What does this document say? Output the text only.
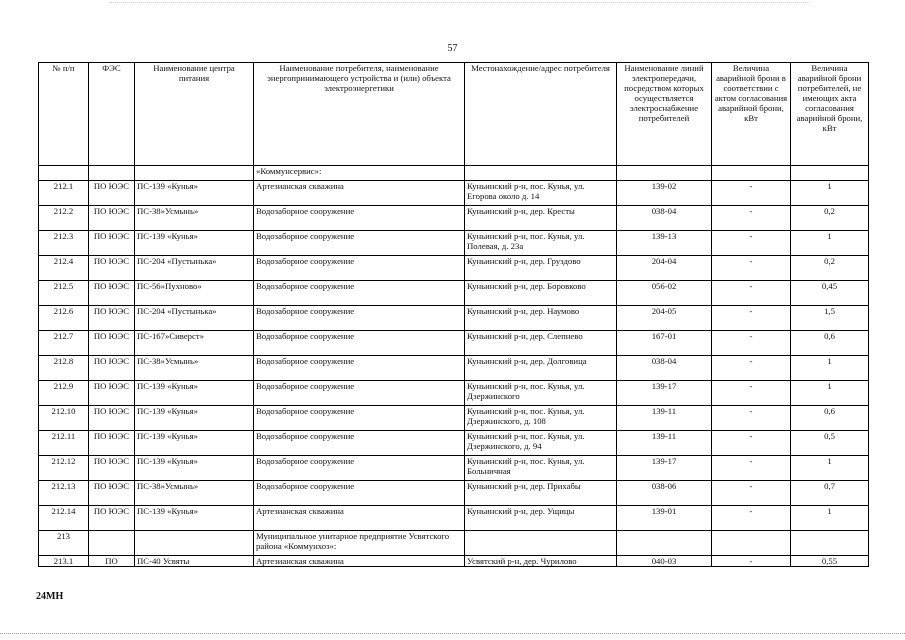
57
№ п/п	ФЭС	Наименование центра питания	Наименование потребителя, наименование энергопринимающего устройства и (или) объекта электроэнергетики	Местонахождение/адрес потребителя	Наименование линий электропередачи, посредством которых осуществляется электроснабжение потребителей	Величина аварийной брони в соответствии с актом согласования аварийной брони, кВт	Величина аварийной брони потребителей, не имеющих акта согласования аварийной брони, кВт
			«Коммунсервис»:				
212.1	ПО ЮЭС	ПС-139 «Кунья»	Артезианская скважина	Куньинский р-н, пос. Кунья, ул. Егорова около д. 14	139-02	-	1
212.2	ПО ЮЭС	ПС-38»Усмынь»	Водозаборное сооружение	Куньинский р-н, дер. Кресты	038-04	-	0,2
212.3	ПО ЮЭС	ПС-139 «Кунья»	Водозаборное сооружение	Куньинский р-н, пос. Кунья, ул. Полевая, д. 23а	139-13	-	1
212.4	ПО ЮЭС	ПС-204 «Пустынька»	Водозаборное сооружение	Куньинский р-н, дер. Груздово	204-04	-	0,2
212.5	ПО ЮЭС	ПС-56»Пухново»	Водозаборное сооружение	Куньинский р-н, дер. Боровково	056-02	-	0,45
212.6	ПО ЮЭС	ПС-204 «Пустынька»	Водозаборное сооружение	Куньинский р-н, дер. Наумово	204-05	-	1,5
212.7	ПО ЮЭС	ПС-167»Сиверст»	Водозаборное сооружение	Куньинский р-н, дер. Слепнево	167-01	-	0,6
212.8	ПО ЮЭС	ПС-38»Усмынь»	Водозаборное сооружение	Куньинский р-н, дер. Долговица	038-04	-	1
212.9	ПО ЮЭС	ПС-139 «Кунья»	Водозаборное сооружение	Куньинский р-н, пос. Кунья, ул. Дзержинского	139-17	-	1
212.10	ПО ЮЭС	ПС-139 «Кунья»	Водозаборное сооружение	Куньинский р-н, пос. Кунья, ул. Дзержинского, д. 108	139-11	-	0,6
212.11	ПО ЮЭС	ПС-139 «Кунья»	Водозаборное сооружение	Куньинский р-н, пос. Кунья, ул. Дзержинского, д. 94	139-11	-	0,5
212.12	ПО ЮЭС	ПС-139 «Кунья»	Водозаборное сооружение	Куньинский р-н, пос. Кунья, ул. Больничная	139-17	-	1
212.13	ПО ЮЭС	ПС-38»Усмынь»	Водозаборное сооружение	Куньинский р-н, дер. Прихабы	038-06	-	0,7
212.14	ПО ЮЭС	ПС-139 «Кунья»	Артезианская скважина	Куньинский р-н, дер. Ущицы	139-01	-	1
213			Муниципальное унитарное предприятие Усвятского района «Коммунхоз»:				
213.1	ПО	ПС-40 Усвяты	Артезианская скважина	Усвятский р-н, дер. Чурилово	040-03	-	0,55
24МН
